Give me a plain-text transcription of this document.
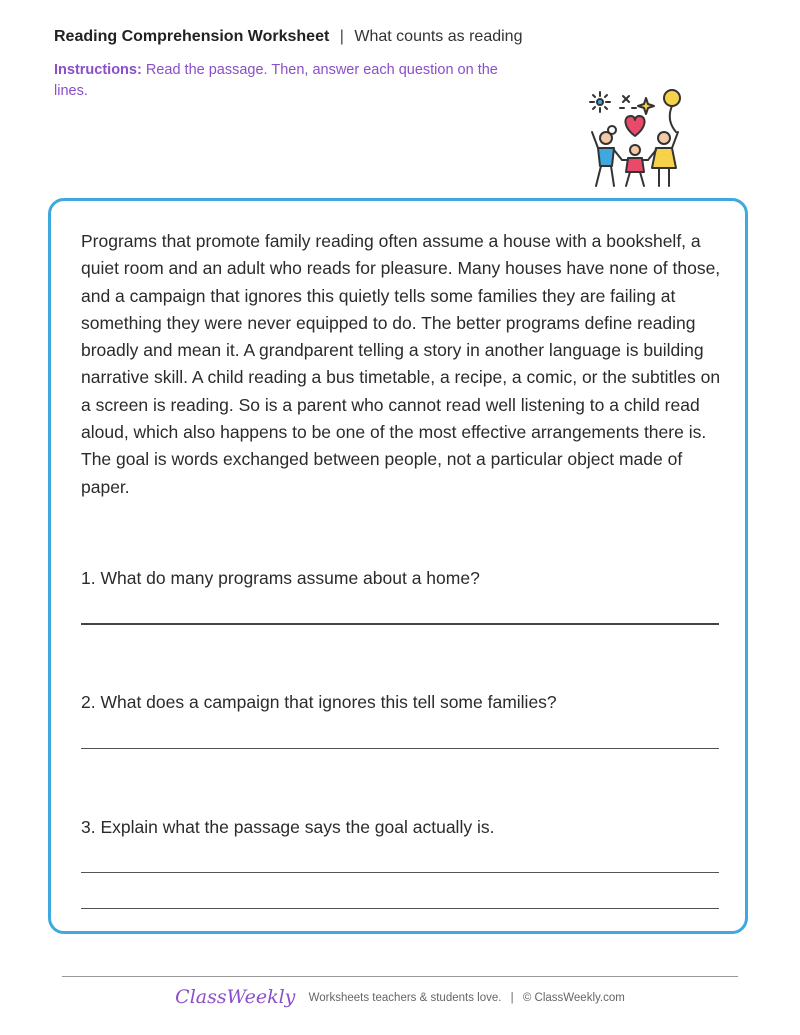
Reading Comprehension Worksheet | What counts as reading
Instructions: Read the passage. Then, answer each question on the lines.

Programs that promote family reading often assume a house with a bookshelf, a quiet room and an adult who reads for pleasure. Many houses have none of those, and a campaign that ignores this quietly tells some families they are failing at something they were never equipped to do. The better programs define reading broadly and mean it. A grandparent telling a story in another language is building narrative skill. A child reading a bus timetable, a recipe, a comic, or the subtitles on a screen is reading. So is a parent who cannot read well listening to a child read aloud, which also happens to be one of the most effective arrangements there is. The goal is words exchanged between people, not a particular object made of paper.

1. What do many programs assume about a home?
2. What does a campaign that ignores this tell some families?
3. Explain what the passage says the goal actually is.
ClassWeekly Worksheets teachers & students love. | © ClassWeekly.com
